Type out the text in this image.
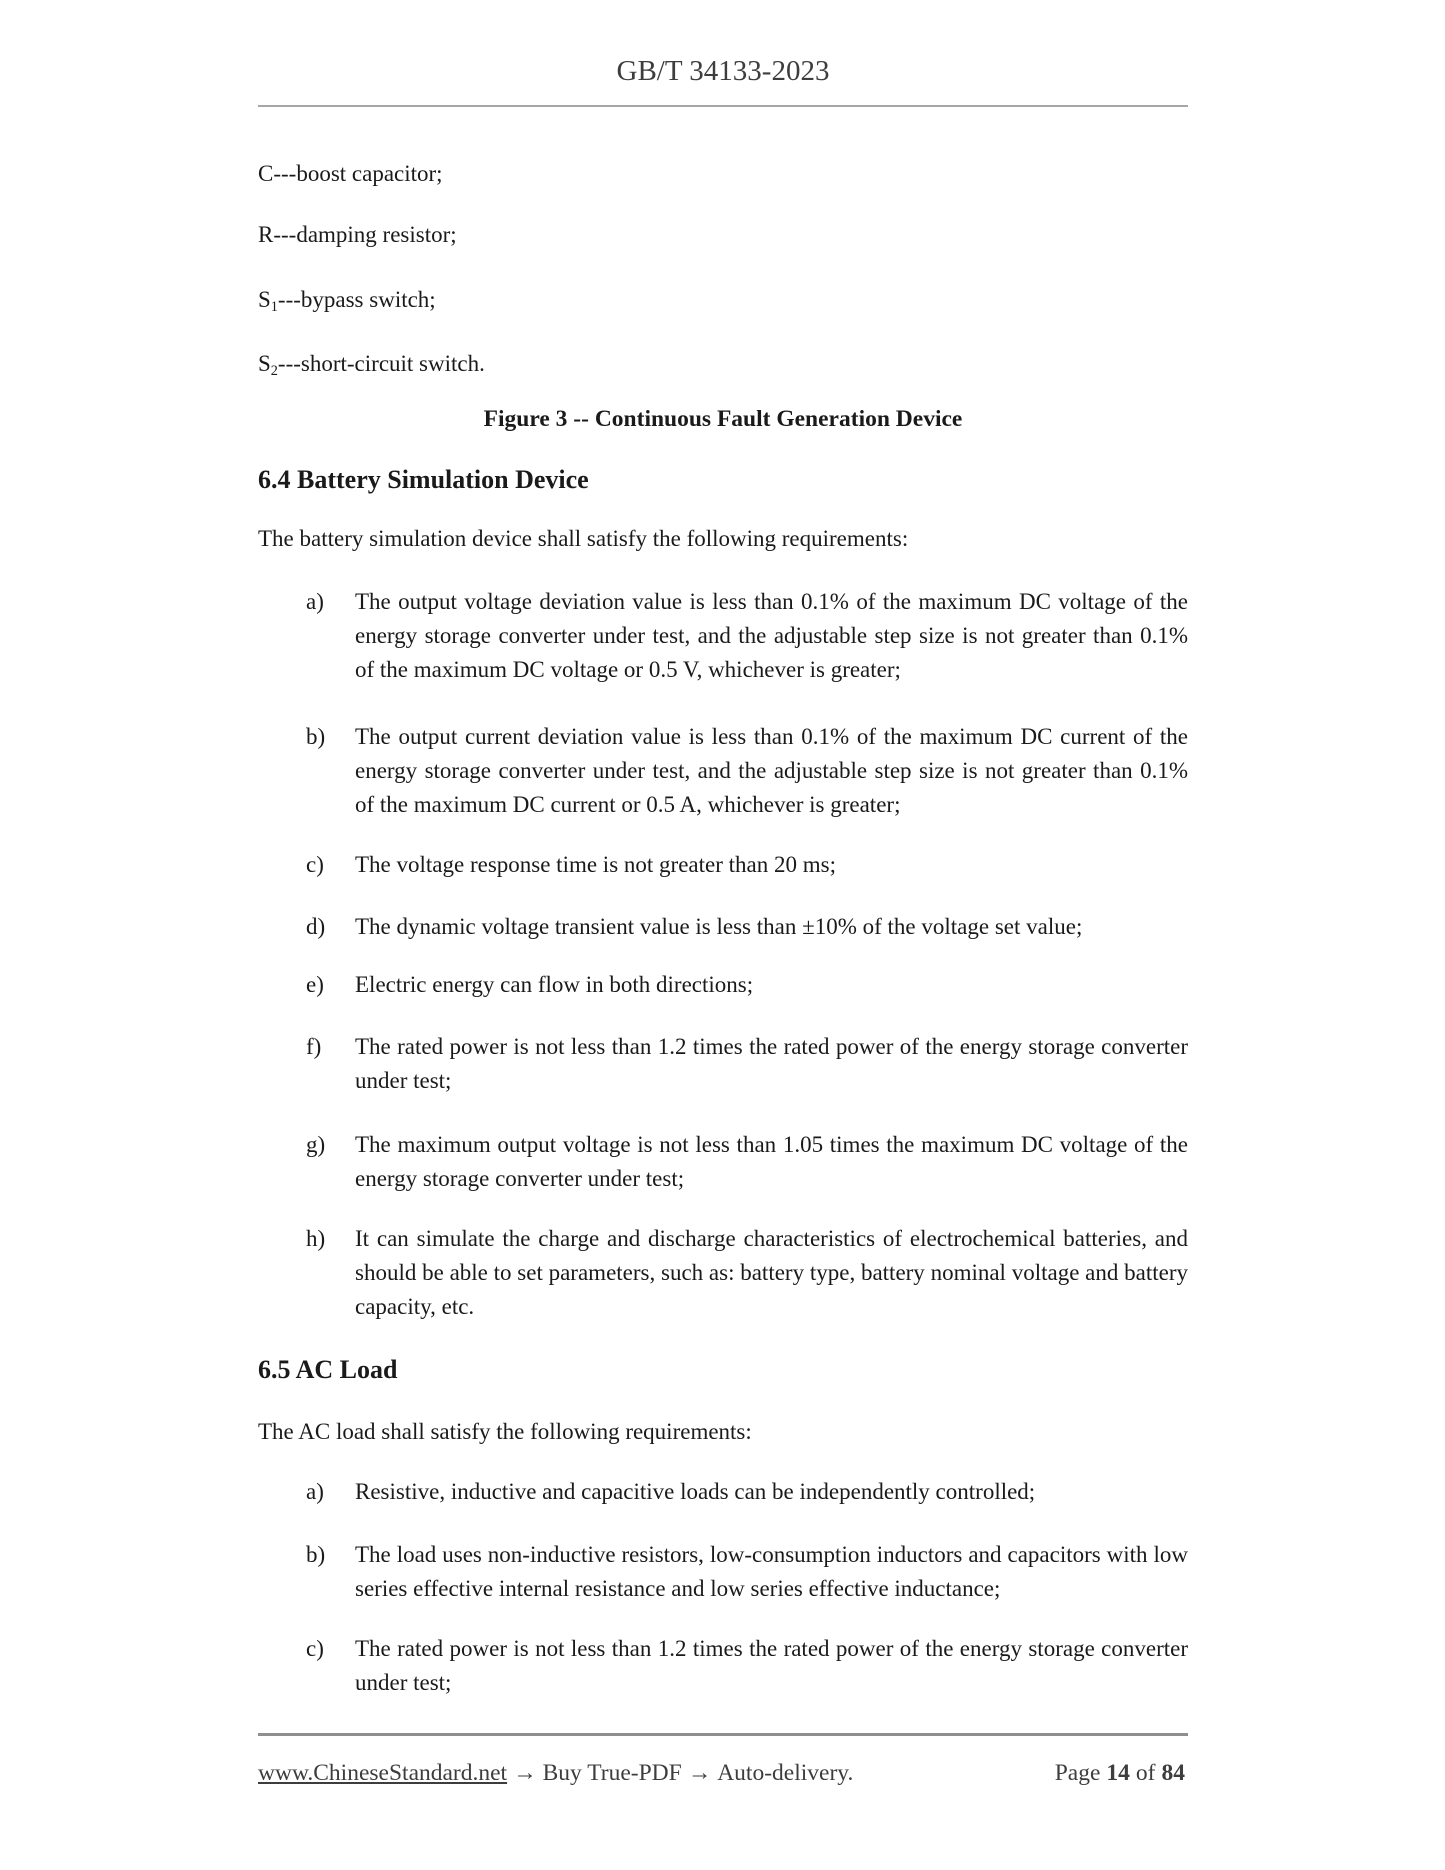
GB/T 34133-2023

C---boost capacitor;

R---damping resistor;

$S_1--$-bypass switch;

$S_2---short$-circuit switch.

Figure 3 -- Continuous Fault Generation Device

6.4 Battery Simulation Device

The battery simulation device shall satisfy the following requirements:

a) The output voltage deviation value is less than 0.1% of the maximum DC voltage of the energy storage converter under test, and the adjustable step size is not greater than 0.1% of the maximum DC voltage or 0.5 V, whichever is greater;

b) The output current deviation value is less than 0.1% of the maximum DC current of the energy storage converter under test, and the adjustable step size is not greater than 0.1% of the maximum DC current or 0.5 A, whichever is greater;

c) The voltage response time is not greater than 20 ms;

d) The dynamic voltage transient value is less than ±10% of the voltage set value;

e) Electric energy can flow in both directions;

f) The rated power is not less than 1.2 times the rated power of the energy storage converter under test;

g) The maximum output voltage is not less than 1.05 times the maximum DC voltage of the energy storage converter under test;

h) It can simulate the charge and discharge characteristics of electrochemical batteries, and should be able to set parameters, such as: battery type, battery nominal voltage and battery capacity, etc.

6.5 AC Load

The AC load shall satisfy the following requirements:

a) Resistive, inductive and capacitive loads can be independently controlled;

b) The load uses non-inductive resistors, low-consumption inductors and capacitors with low series effective internal resistance and low series effective inductance;

c) The rated power is not less than 1.2 times the rated power of the energy storage converter under test;

www.ChineseStandard.net → Buy True-PDF → Auto-delivery.	Page 14 of 84
